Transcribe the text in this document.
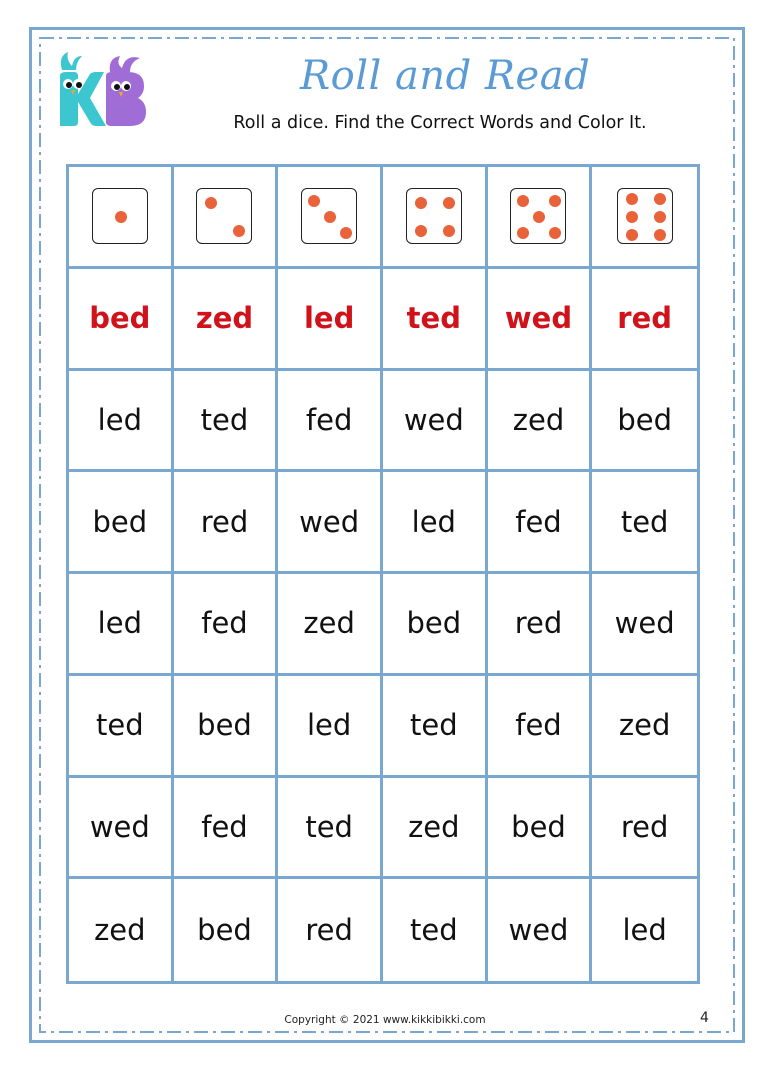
Roll and Read
Roll a dice. Find the Correct Words and Color It.
bed	zed	led	ted	wed	red
led	ted	fed	wed	zed	bed
bed	red	wed	led	fed	ted
led	fed	zed	bed	red	wed
ted	bed	led	ted	fed	zed
wed	fed	ted	zed	bed	red
zed	bed	red	ted	wed	led
Copyright © 2021 www.kikkibikki.com	4
